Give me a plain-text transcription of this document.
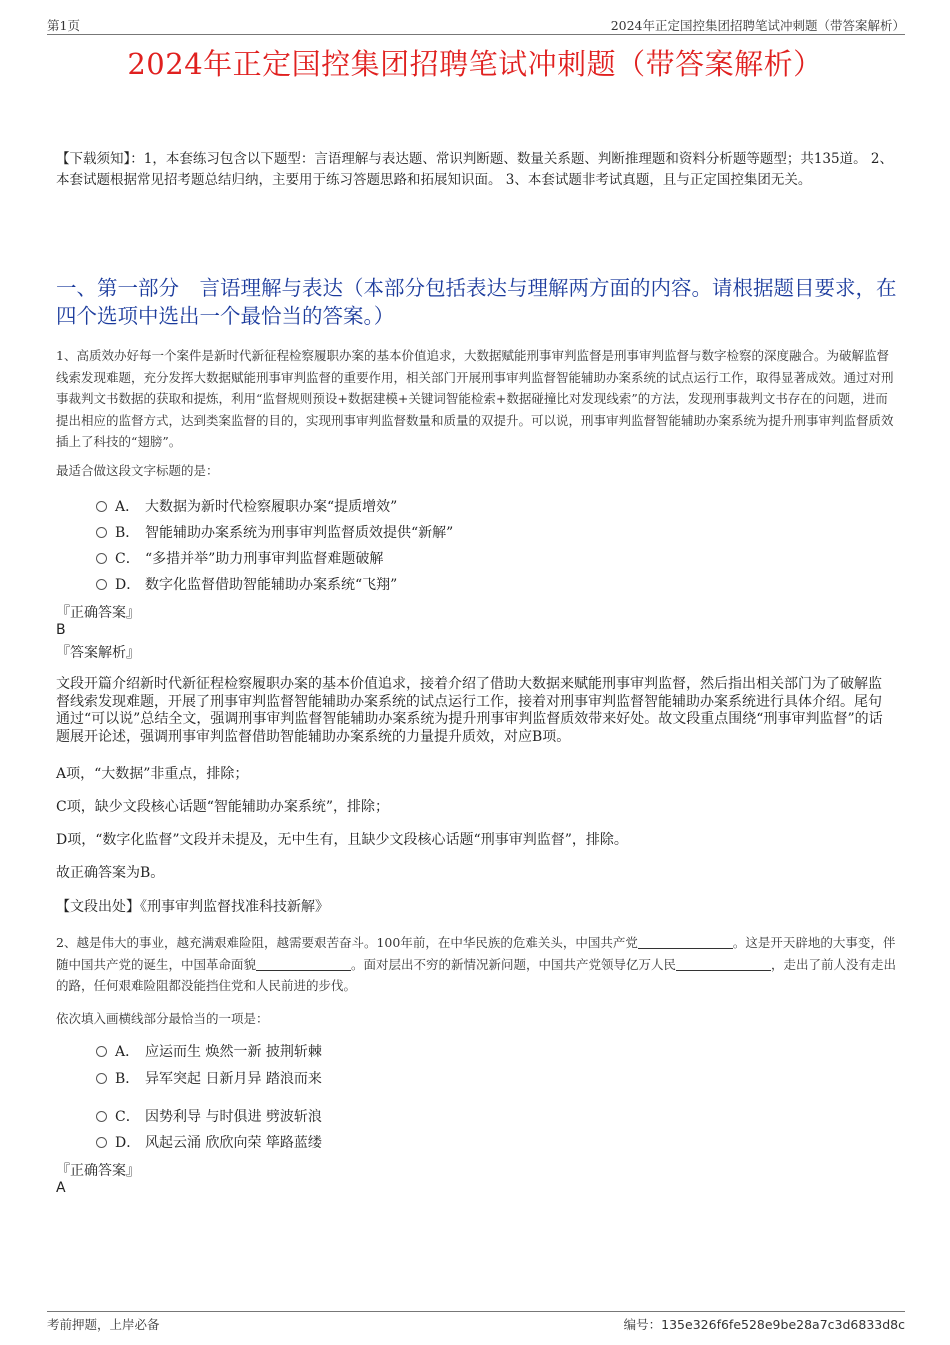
第1页	2024年正定国控集团招聘笔试冲刺题（带答案解析）
2024年正定国控集团招聘笔试冲刺题（带答案解析）
【下载须知】：1，本套练习包含以下题型：言语理解与表达题、常识判断题、数量关系题、判断推理题和资料分析题等题型；共135道。 2、本套试题根据常见招考题总结归纳，主要用于练习答题思路和拓展知识面。 3、本套试题非考试真题，且与正定国控集团无关。
一、第一部分　言语理解与表达（本部分包括表达与理解两方面的内容。请根据题目要求，在四个选项中选出一个最恰当的答案。）
1、高质效办好每一个案件是新时代新征程检察履职办案的基本价值追求，大数据赋能刑事审判监督是刑事审判监督与数字检察的深度融合。为破解监督线索发现难题，充分发挥大数据赋能刑事审判监督的重要作用，相关部门开展刑事审判监督智能辅助办案系统的试点运行工作，取得显著成效。通过对刑事裁判文书数据的获取和提炼，利用“监督规则预设+数据建模+关键词智能检索+数据碰撞比对发现线索”的方法，发现刑事裁判文书存在的问题，进而提出相应的监督方式，达到类案监督的目的，实现刑事审判监督数量和质量的双提升。可以说，刑事审判监督智能辅助办案系统为提升刑事审判监督质效插上了科技的“翅膀”。
最适合做这段文字标题的是：
A． 大数据为新时代检察履职办案“提质增效”
B． 智能辅助办案系统为刑事审判监督质效提供“新解”
C． “多措并举”助力刑事审判监督难题破解
D． 数字化监督借助智能辅助办案系统“飞翔”
『正确答案』
B
『答案解析』
文段开篇介绍新时代新征程检察履职办案的基本价值追求，接着介绍了借助大数据来赋能刑事审判监督，然后指出相关部门为了破解监督线索发现难题，开展了刑事审判监督智能辅助办案系统的试点运行工作，接着对刑事审判监督智能辅助办案系统进行具体介绍。尾句通过“可以说”总结全文，强调刑事审判监督智能辅助办案系统为提升刑事审判监督质效带来好处。故文段重点围绕“刑事审判监督”的话题展开论述，强调刑事审判监督借助智能辅助办案系统的力量提升质效，对应B项。
A项，“大数据”非重点，排除；
C项，缺少文段核心话题“智能辅助办案系统”，排除；
D项，“数字化监督”文段并未提及，无中生有，且缺少文段核心话题“刑事审判监督”，排除。
故正确答案为B。
【文段出处】《刑事审判监督找准科技新解》
2、越是伟大的事业，越充满艰难险阻，越需要艰苦奋斗。100年前，在中华民族的危难关头，中国共产党	。这是开天辟地的大事变，伴随中国共产党的诞生，中国革命面貌	。面对层出不穷的新情况新问题，中国共产党领导亿万人民	，走出了前人没有走出的路，任何艰难险阻都没能挡住党和人民前进的步伐。
依次填入画横线部分最恰当的一项是：
A． 应运而生 焕然一新 披荆斩棘
B． 异军突起 日新月异 踏浪而来
C． 因势利导 与时俱进 劈波斩浪
D． 风起云涌 欣欣向荣 筚路蓝缕
『正确答案』
A
考前押题，上岸必备	编号：135e326f6fe528e9be28a7c3d6833d8c
